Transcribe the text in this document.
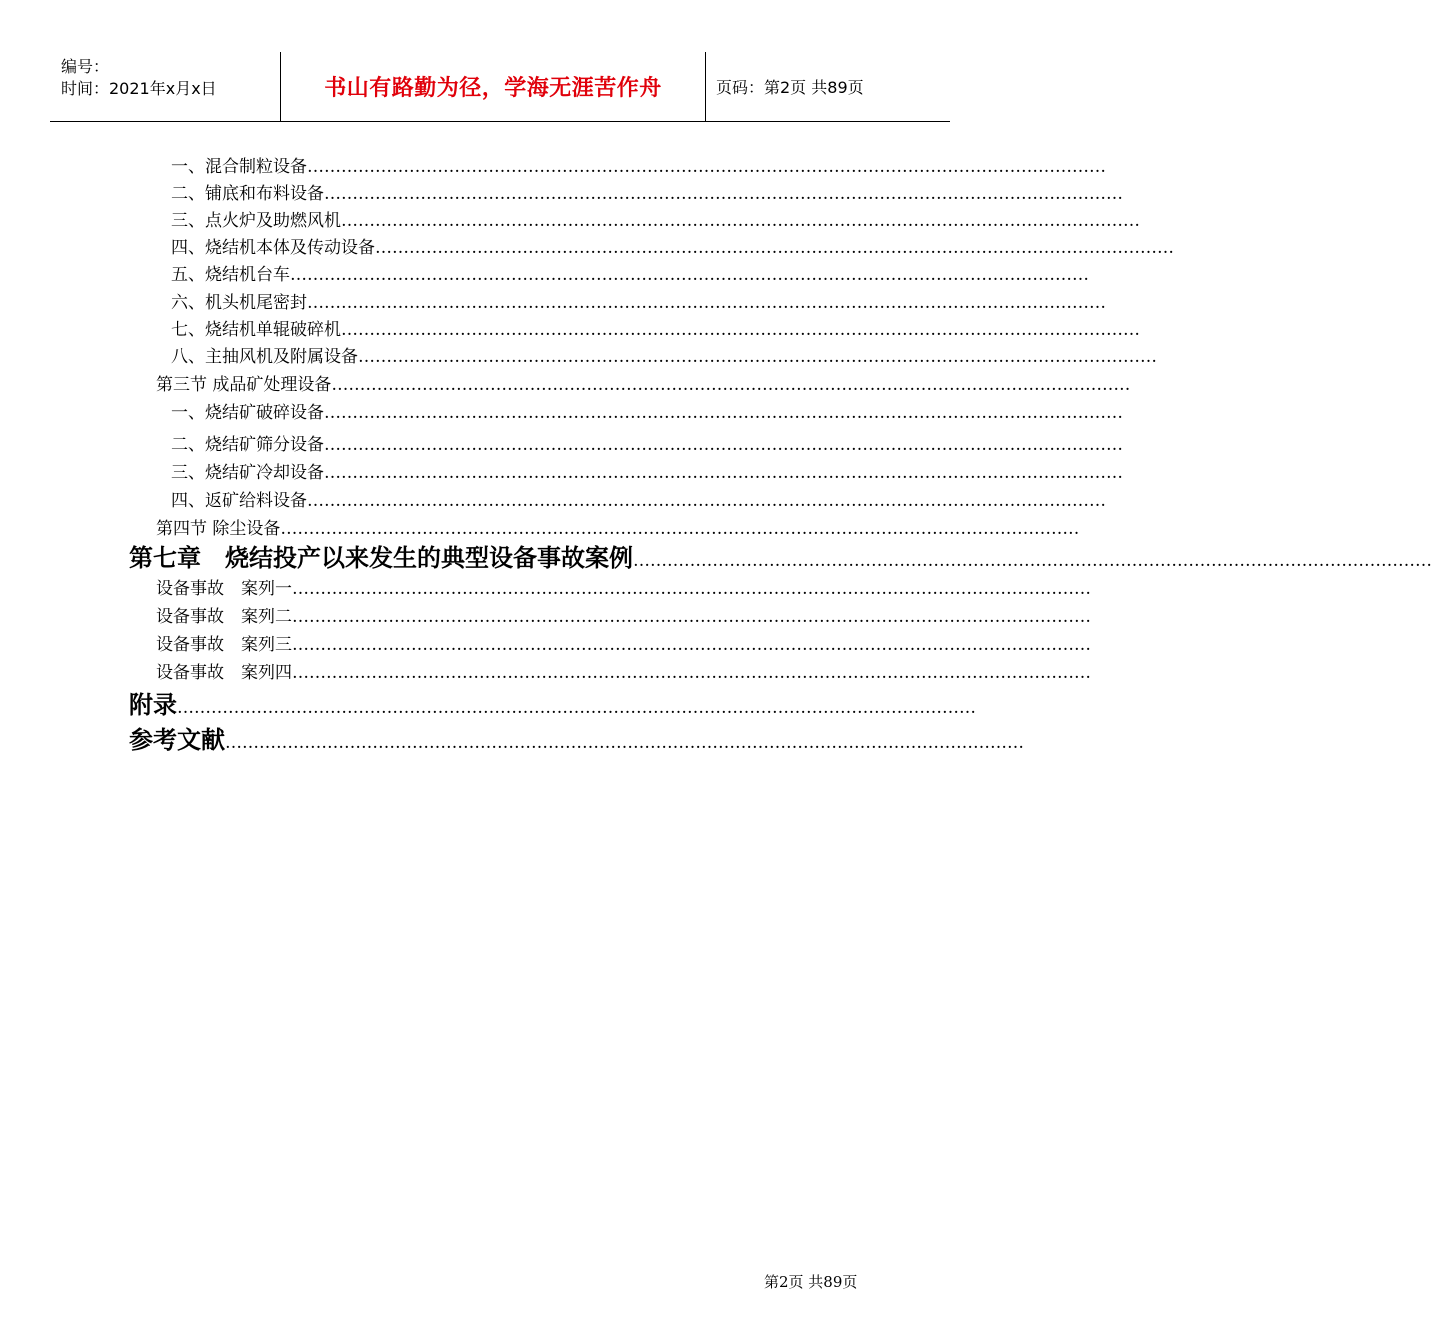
编号：
时间：2021年x月x日	书山有路勤为径，学海无涯苦作舟	页码：第2页 共89页
一、混合制粒设备 ……………………………………………………………………………………………………………………………
二、铺底和布料设备 ……………………………………………………………………………………………………………………………
三、点火炉及助燃风机 ……………………………………………………………………………………………………………………………
四、烧结机本体及传动设备 ……………………………………………………………………………………………………………………………
五、烧结机台车 ……………………………………………………………………………………………………………………………
六、机头机尾密封 ……………………………………………………………………………………………………………………………
七、烧结机单辊破碎机 ……………………………………………………………………………………………………………………………
八、主抽风机及附属设备 ……………………………………………………………………………………………………………………………
第三节 成品矿处理设备 ……………………………………………………………………………………………………………………………
一、烧结矿破碎设备 ……………………………………………………………………………………………………………………………
二、烧结矿筛分设备 ……………………………………………………………………………………………………………………………
三、烧结矿冷却设备 ……………………………………………………………………………………………………………………………
四、返矿给料设备 ……………………………………………………………………………………………………………………………
第四节 除尘设备 ……………………………………………………………………………………………………………………………
第七章　烧结投产以来发生的典型设备事故案例 ……………………………………………………………………………………………………………………………
设备事故　案列一 ……………………………………………………………………………………………………………………………
设备事故　案列二 ……………………………………………………………………………………………………………………………
设备事故　案列三 ……………………………………………………………………………………………………………………………
设备事故　案列四 ……………………………………………………………………………………………………………………………
附录 ……………………………………………………………………………………………………………………………
参考文献 ……………………………………………………………………………………………………………………………
第2页 共89页
